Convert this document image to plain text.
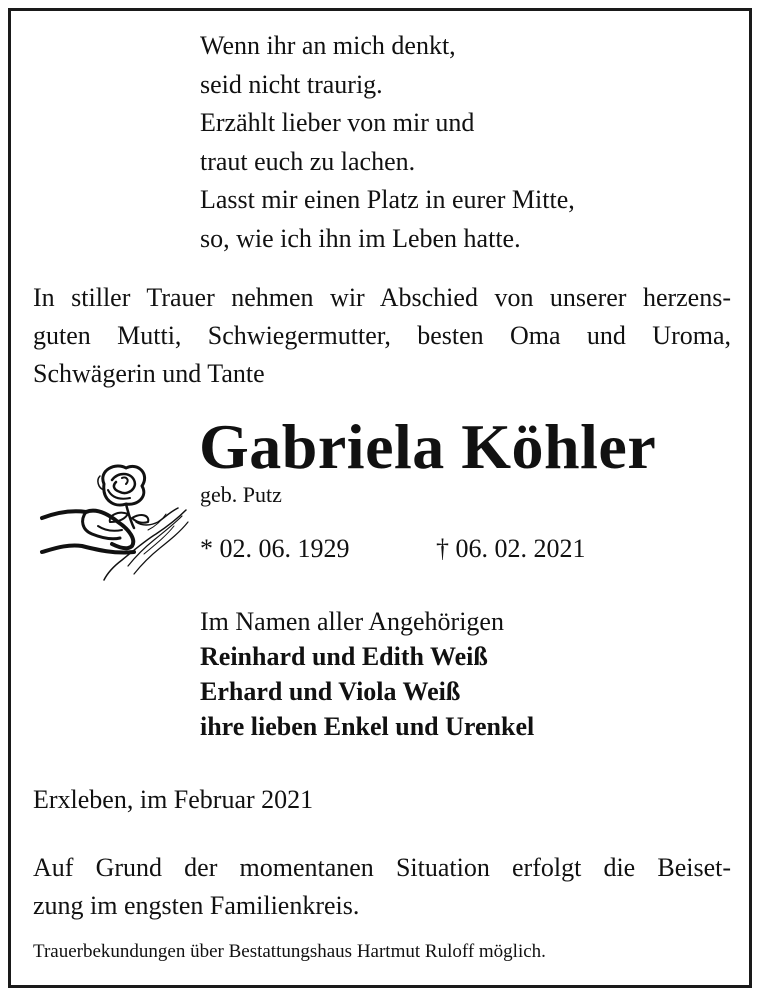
Wenn ihr an mich denkt,
seid nicht traurig.
Erzählt lieber von mir und
traut euch zu lachen.
Lasst mir einen Platz in eurer Mitte,
so, wie ich ihn im Leben hatte.
In stiller Trauer nehmen wir Abschied von unserer herzens-
guten Mutti, Schwiegermutter, besten Oma und Uroma,
Schwägerin und Tante
Gabriela Köhler
geb. Putz
* 02. 06. 1929	† 06. 02. 2021
Im Namen aller Angehörigen
Reinhard und Edith Weiß
Erhard und Viola Weiß
ihre lieben Enkel und Urenkel
Erxleben, im Februar 2021
Auf Grund der momentanen Situation erfolgt die Beiset-
zung im engsten Familienkreis.
Trauerbekundungen über Bestattungshaus Hartmut Ruloff möglich.
